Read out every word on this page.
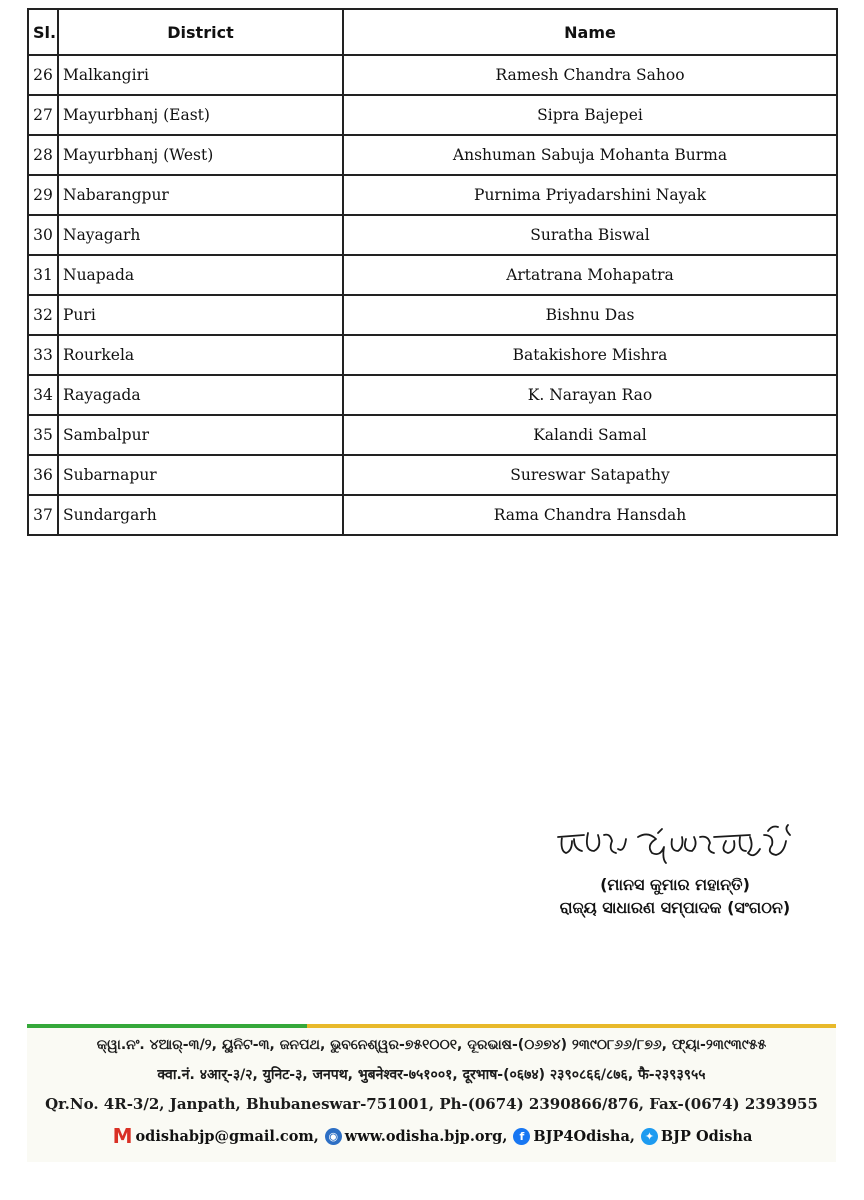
Sl.	District	Name
26	Malkangiri	Ramesh Chandra Sahoo
27	Mayurbhanj (East)	Sipra Bajepei
28	Mayurbhanj (West)	Anshuman Sabuja Mohanta Burma
29	Nabarangpur	Purnima Priyadarshini Nayak
30	Nayagarh	Suratha Biswal
31	Nuapada	Artatrana Mohapatra
32	Puri	Bishnu Das
33	Rourkela	Batakishore Mishra
34	Rayagada	K. Narayan Rao
35	Sambalpur	Kalandi Samal
36	Subarnapur	Sureswar Satapathy
37	Sundargarh	Rama Chandra Hansdah
ମାନସ କୁମାର ମହାନ୍ତି
(ମାନସ କୁମାର ମହାନ୍ତି)
ରାଜ୍ୟ ସାଧାରଣ ସମ୍ପାଦକ (ସଂଗଠନ)
କ୍ୱା.ନଂ. ୪ଆର୍-୩/୨, ୟୁନିଟ-୩, ଜନପଥ, ଭୁବନେଶ୍ୱର-୭୫୧୦୦୧, ଦୂରଭାଷ-(୦୬୭୪) ୨୩୯୦୮୬୬/୮୭୬, ଫ୍ୟା-୨୩୯୩୯୫୫
क्वा.नं. ४आर्-३/२, युनिट-३, जनपथ, भुबनेश्वर-७५१००१, दूरभाष-(०६७४) २३९०८६६/८७६, फै-२३९३९५५
Qr.No. 4R-3/2, Janpath, Bhubaneswar-751001, Ph-(0674) 2390866/876, Fax-(0674) 2393955
M odishabjp@gmail.com, ◉ www.odisha.bjp.org,	f BJP4Odisha, ✦ BJP Odisha
